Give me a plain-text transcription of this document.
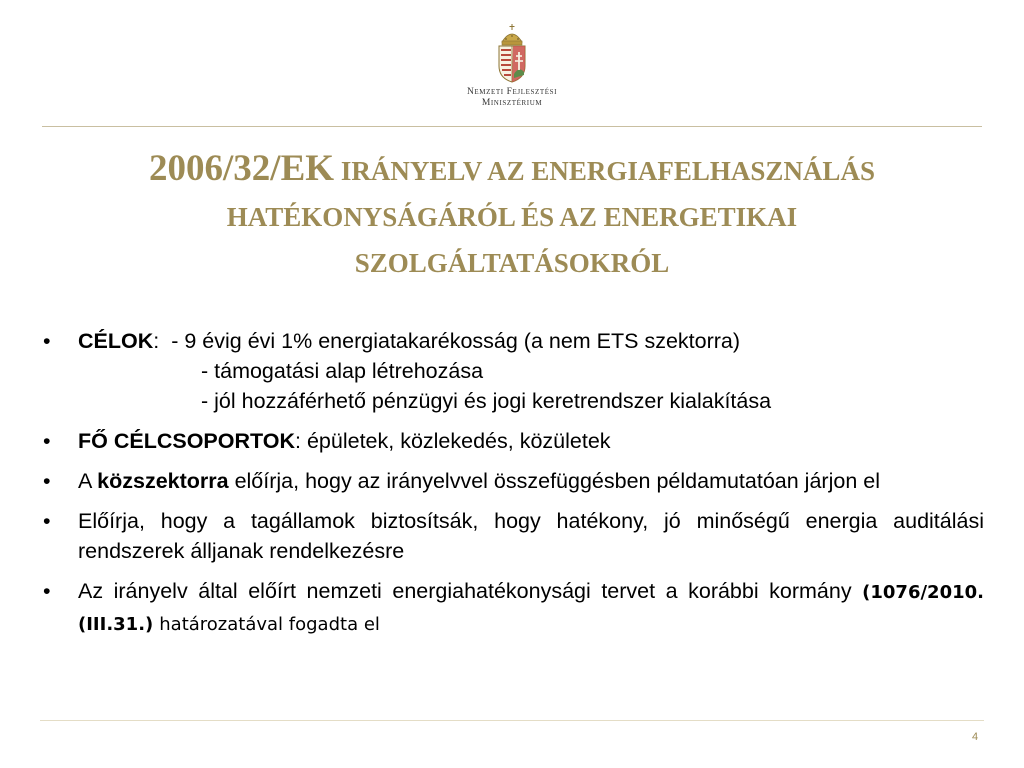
Nemzeti Fejlesztési
Minisztérium
2006/32/EK IRÁNYELV AZ ENERGIAFELHASZNÁLÁS
HATÉKONYSÁGÁRÓL ÉS AZ ENERGETIKAI
SZOLGÁLTATÁSOKRÓL
• CÉLOK: - 9 évig évi 1% energiatakarékosság (a nem ETS szektorra)
- támogatási alap létrehozása
- jól hozzáférhető pénzügyi és jogi keretrendszer kialakítása
• FŐ CÉLCSOPORTOK: épületek, közlekedés, közületek
• A közszektorra előírja, hogy az irányelvvel összefüggésben példamutatóan járjon el
• Előírja, hogy a tagállamok biztosítsák, hogy hatékony, jó minőségű energia auditálási rendszerek álljanak rendelkezésre
• Az irányelv által előírt nemzeti energiahatékonysági tervet a korábbi kormány (1076/2010.(III.31.) határozatával fogadta el
4
